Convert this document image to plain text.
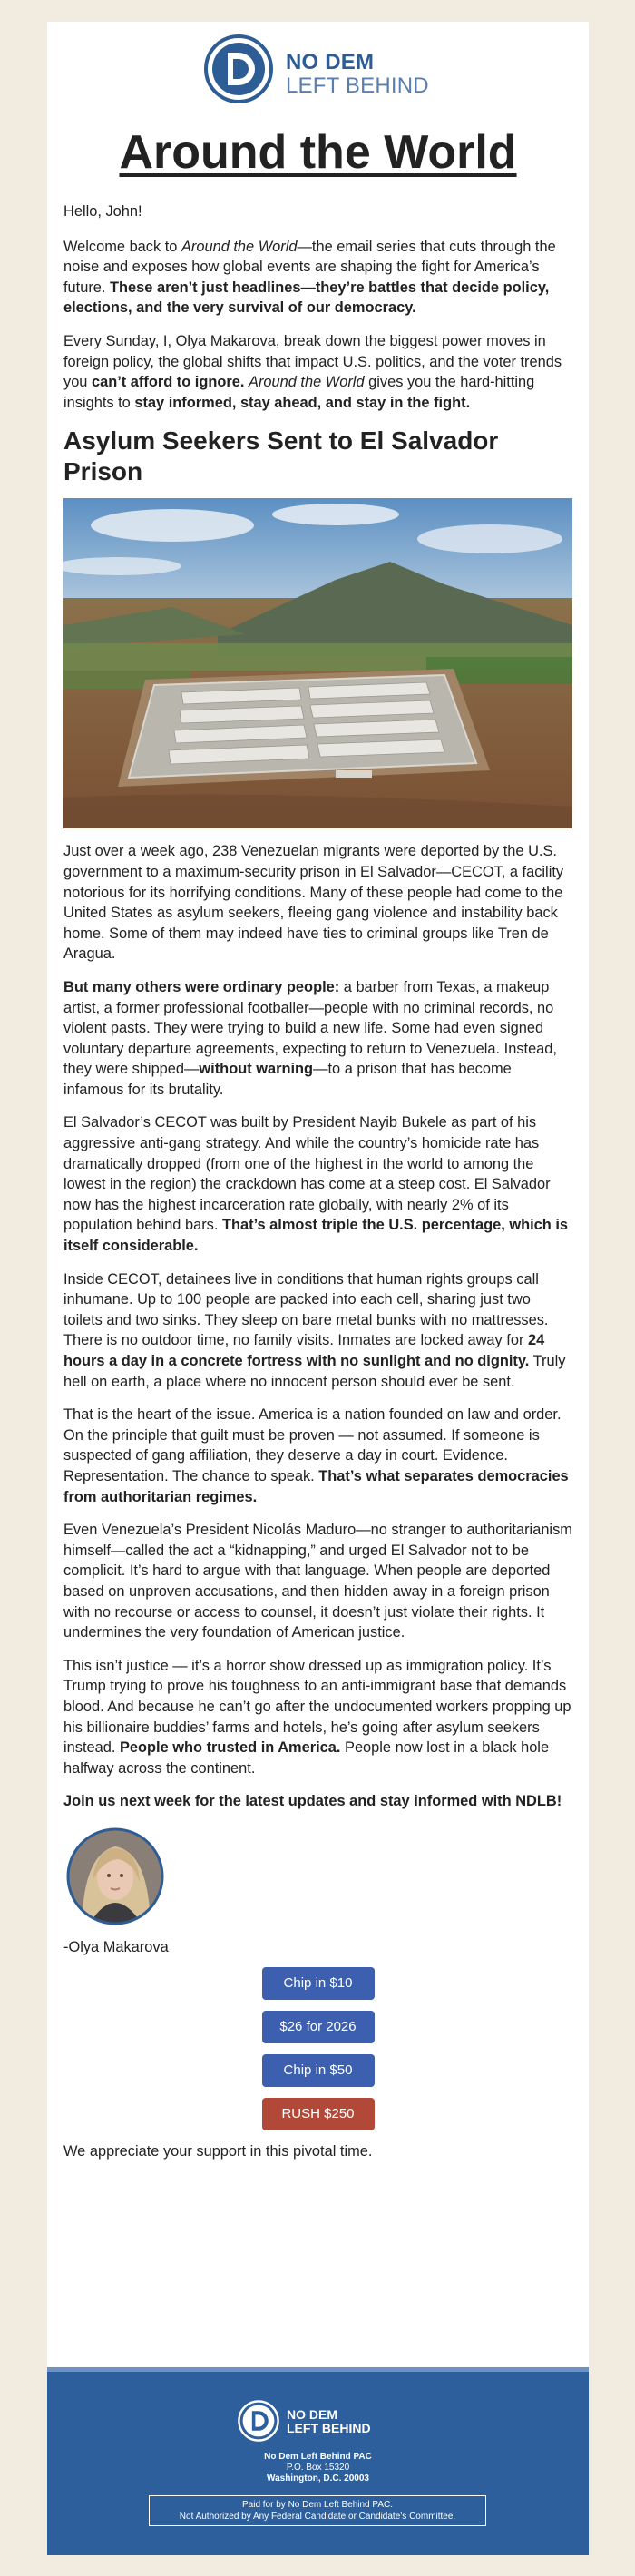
NO DEM
LEFT BEHIND
Around the World

Hello, John!

Welcome back to Around the World—the email series that cuts through the noise and exposes how global events are shaping the fight for America’s future. These aren’t just headlines—they’re battles that decide policy, elections, and the very survival of our democracy.

Every Sunday, I, Olya Makarova, break down the biggest power moves in foreign policy, the global shifts that impact U.S. politics, and the voter trends you can’t afford to ignore. Around the World gives you the hard-hitting insights to stay informed, stay ahead, and stay in the fight.

Asylum Seekers Sent to El Salvador Prison

Just over a week ago, 238 Venezuelan migrants were deported by the U.S. government to a maximum-security prison in El Salvador—CECOT, a facility notorious for its horrifying conditions. Many of these people had come to the United States as asylum seekers, fleeing gang violence and instability back home. Some of them may indeed have ties to criminal groups like Tren de Aragua.

But many others were ordinary people: a barber from Texas, a makeup artist, a former professional footballer—people with no criminal records, no violent pasts. They were trying to build a new life. Some had even signed voluntary departure agreements, expecting to return to Venezuela. Instead, they were shipped—without warning—to a prison that has become infamous for its brutality.

El Salvador’s CECOT was built by President Nayib Bukele as part of his aggressive anti-gang strategy. And while the country’s homicide rate has dramatically dropped (from one of the highest in the world to among the lowest in the region) the crackdown has come at a steep cost. El Salvador now has the highest incarceration rate globally, with nearly 2% of its population behind bars. That’s almost triple the U.S. percentage, which is itself considerable.

Inside CECOT, detainees live in conditions that human rights groups call inhumane. Up to 100 people are packed into each cell, sharing just two toilets and two sinks. They sleep on bare metal bunks with no mattresses. There is no outdoor time, no family visits. Inmates are locked away for 24 hours a day in a concrete fortress with no sunlight and no dignity. Truly hell on earth, a place where no innocent person should ever be sent.

That is the heart of the issue. America is a nation founded on law and order. On the principle that guilt must be proven — not assumed. If someone is suspected of gang affiliation, they deserve a day in court. Evidence. Representation. The chance to speak. That’s what separates democracies from authoritarian regimes.

Even Venezuela’s President Nicolás Maduro—no stranger to authoritarianism himself—called the act a “kidnapping,” and urged El Salvador not to be complicit. It’s hard to argue with that language. When people are deported based on unproven accusations, and then hidden away in a foreign prison with no recourse or access to counsel, it doesn’t just violate their rights. It undermines the very foundation of American justice.

This isn’t justice — it’s a horror show dressed up as immigration policy. It’s Trump trying to prove his toughness to an anti-immigrant base that demands blood. And because he can’t go after the undocumented workers propping up his billionaire buddies’ farms and hotels, he’s going after asylum seekers instead. People who trusted in America. People now lost in a black hole halfway across the continent.

Join us next week for the latest updates and stay informed with NDLB!

-Olya Makarova

Chip in $10
$26 for 2026
Chip in $50
RUSH $250

We appreciate your support in this pivotal time.

NO DEM
LEFT BEHIND
No Dem Left Behind PAC
P.O. Box 15320
Washington, D.C. 20003
Paid for by No Dem Left Behind PAC.
Not Authorized by Any Federal Candidate or Candidate’s Committee.
